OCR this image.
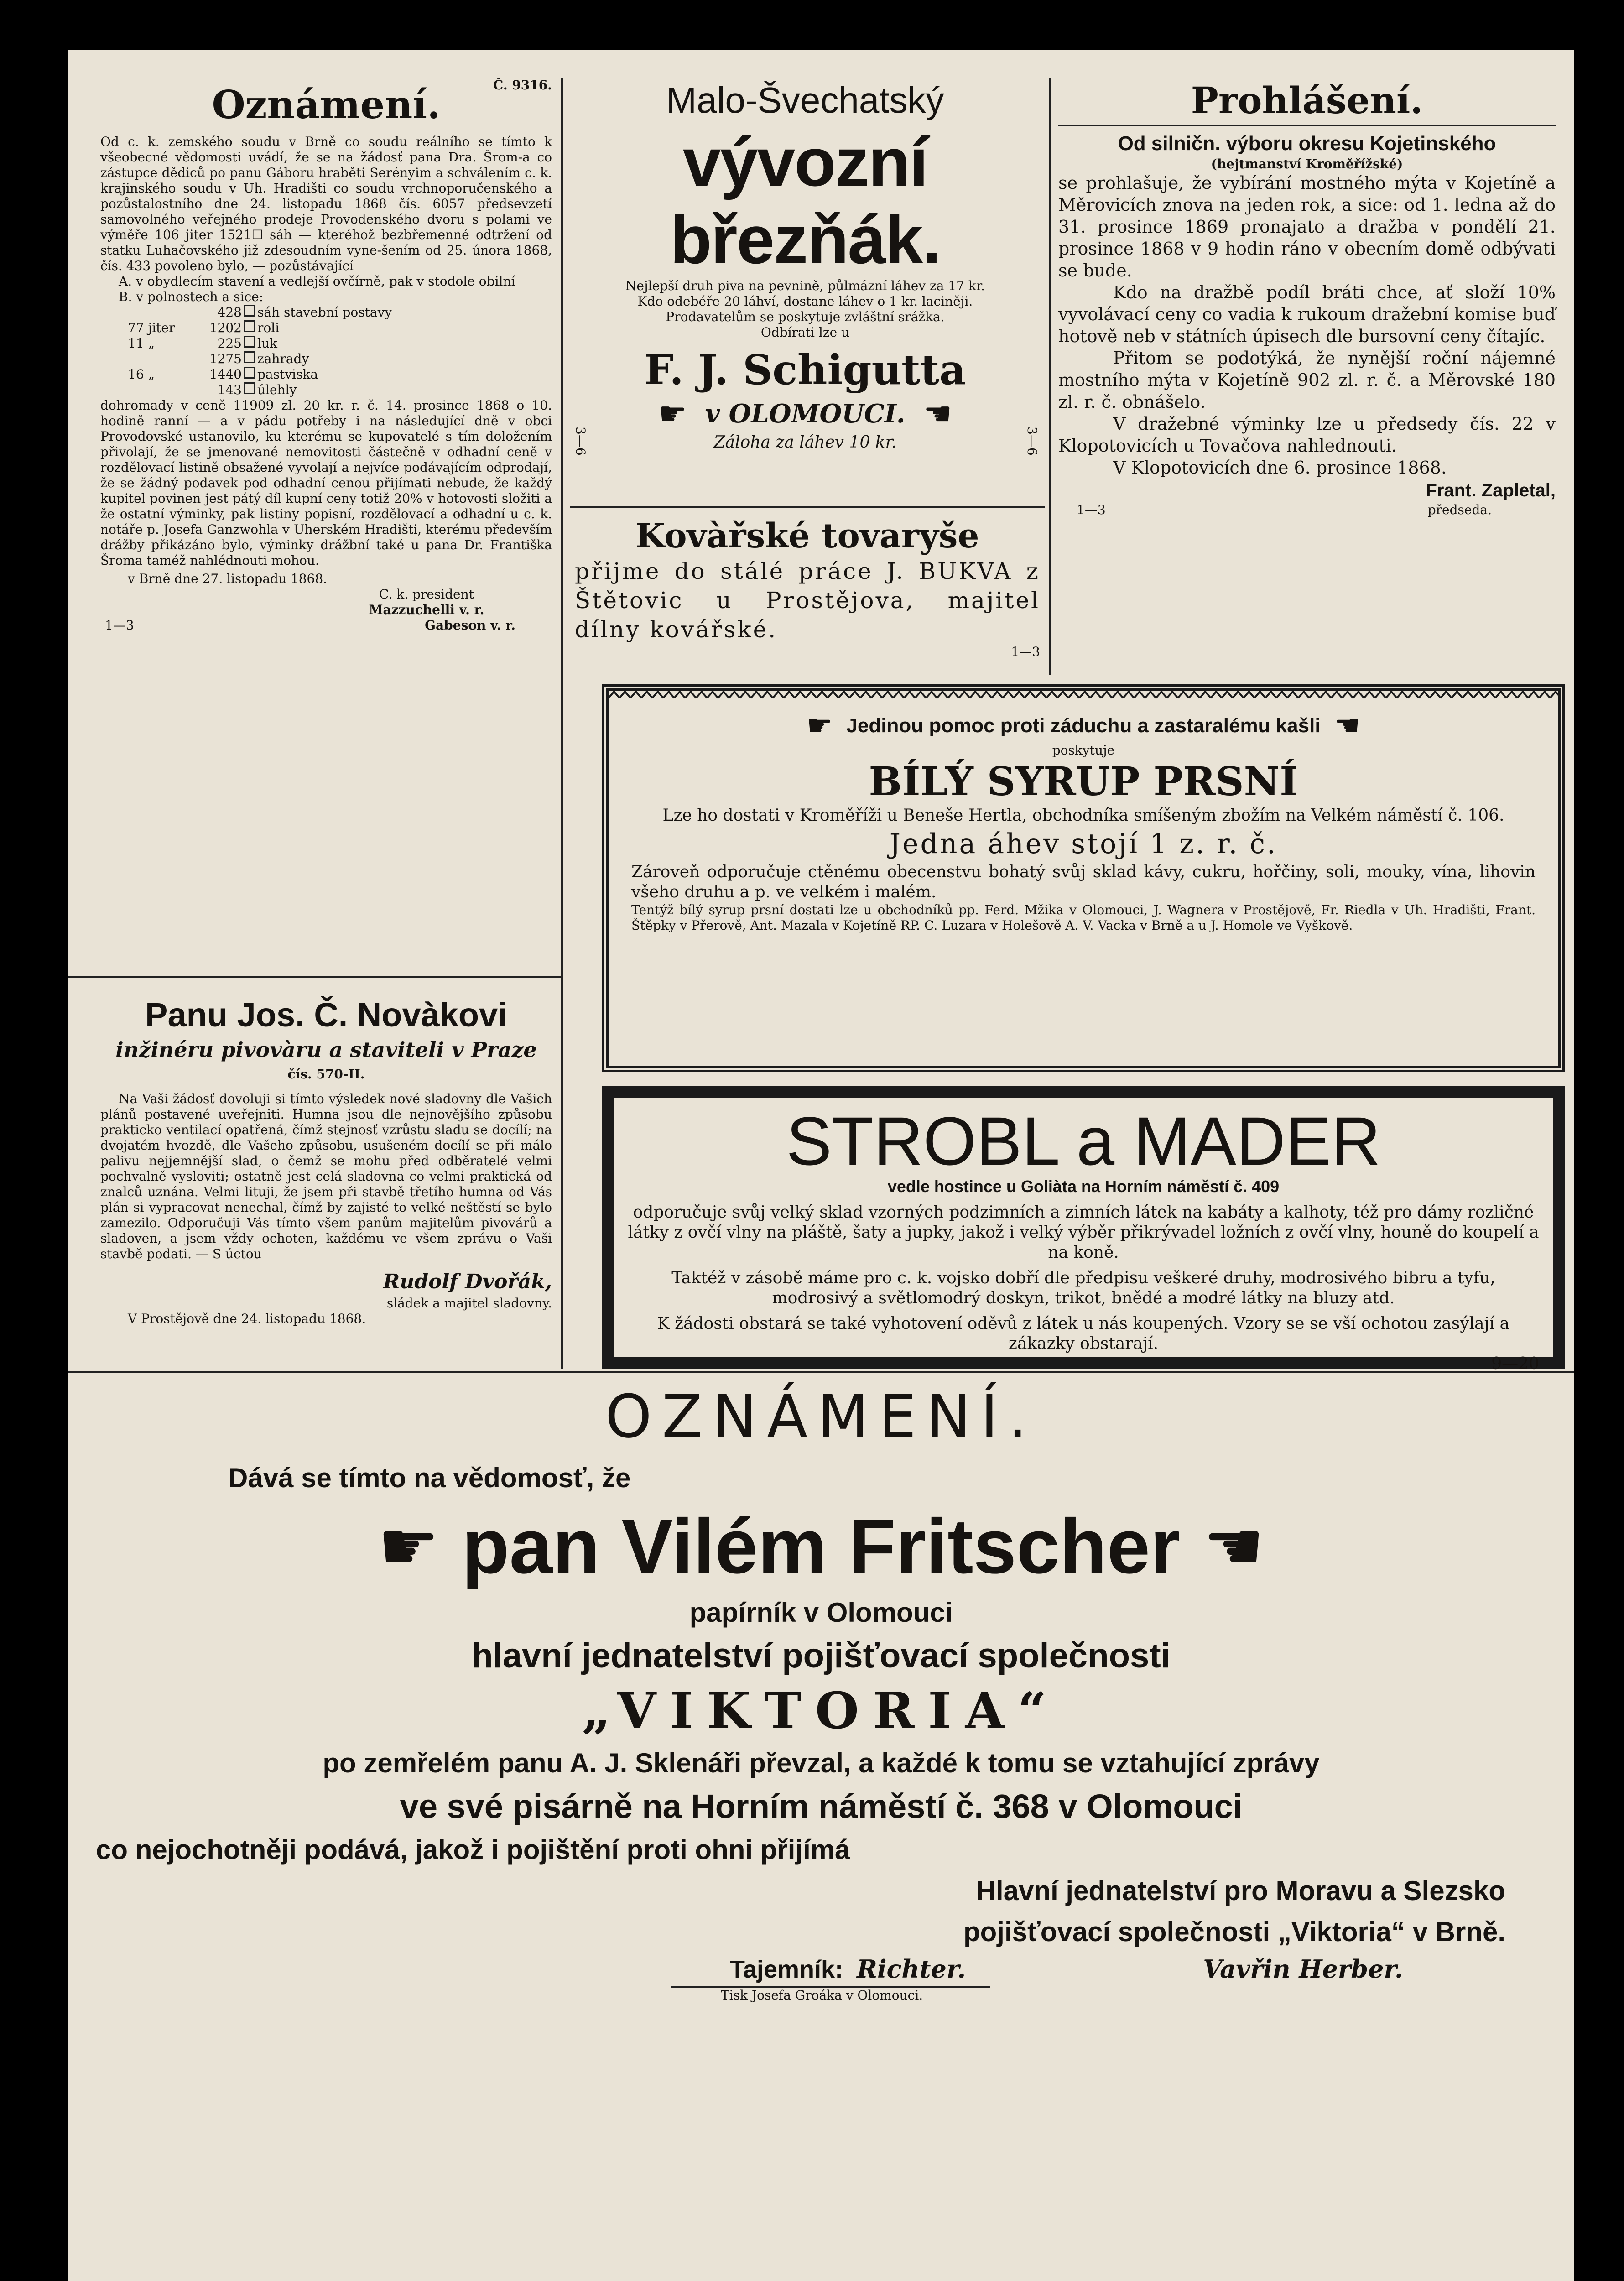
Č. 9316.
Oznámení.

Od c. k. zemského soudu v Brně co soudu reálního se tímto k všeobecné vědomosti uvádí, že se na žádosť pana Dra. Šrom-a co zástupce dědiců po panu Gáboru hraběti Serényim a schválením c. k. krajinského soudu v Uh. Hradišti co soudu vrchnoporučenského a pozůstalostního dne 24. listopadu 1868 čís. 6057 předsevzetí samovolného veřejného prodeje Provodenského dvoru s polami ve výměře 106 jiter 1521☐ sáh — kteréhož bezbřemenné odtržení od statku Luhačovského již zdesoudním vyne-šením od 25. února 1868, čís. 433 povoleno bylo, — pozůstávající

A. v obydlecím stavení a vedlejší ovčírně, pak v stodole obilní

B. v polnostech a sice:

428 sáh stavební postavy
77 jiter	1202 roli
11 „	225 luk
1275 zahrady
16 „	1440 pastviska
143 úlehly

dohromady v ceně 11909 zl. 20 kr. r. č. 14. prosince 1868 o 10. hodině ranní — a v pádu potřeby i na následující dně v obci Provodovské ustanovilo, ku kterému se kupovatelé s tím doložením přivolají, že se jmenované nemovitosti částečně v odhadní ceně v rozdělovací listině obsažené vyvolají a nejvíce podávajícím odprodají, že se žádný podavek pod odhadní cenou přijímati nebude, že každý kupitel povinen jest pátý díl kupní ceny totiž 20% v hotovosti složiti a že ostatní výminky, pak listiny popisní, rozdělovací a odhadní u c. k. notáře p. Josefa Ganzwohla v Uherském Hradišti, kterému především drážby přikázáno bylo, výminky drážbní také u pana Dr. Františka Šroma taméž nahlédnouti mohou.

v Brně dne 27. listopadu 1868.

C. k. president

Mazzuchelli v. r.

1—3	Gabeson v. r.
Panu Jos. Č. Novàkovi
inžinéru pivovàru a staviteli v Praze
čís. 570-II.

Na Vaši žádosť dovoluji si tímto výsledek nové sladovny dle Vašich plánů postavené uveřejniti. Humna jsou dle nejnovějšího způsobu prakticko ventilací opatřená, čímž stejnosť vzrůstu sladu se docílí; na dvojatém hvozdě, dle Vašeho způsobu, usušeném docílí se při málo palivu nejjemnější slad, o čemž se mohu před odběratelé velmi pochvalně vysloviti; ostatně jest celá sladovna co velmi praktická od znalců uznána. Velmi lituji, že jsem při stavbě třetího humna od Vás plán si vypracovat nenechal, čímž by zajisté to velké neštěstí se bylo zamezilo. Odporučuji Vás tímto všem panům majitelům pivovárů a sladoven, a jsem vždy ochoten, každému ve všem zprávu o Vaši stavbě podati. — S úctou

Rudolf Dvořák,

sládek a majitel sladovny.

V Prostějově dne 24. listopadu 1868.

Malo-Švechatský
vývozní březňák.

Nejlepší druh piva na pevnině, půlmázní láhev za 17 kr.

Kdo odebéře 20 láhví, dostane láhev o 1 kr. laciněji.

Prodavatelům se poskytuje zvláštní srážka.

Odbírati lze u

F. J. Schigutta
☛ v OLOMOUCI. ☚

Záloha za láhev 10 kr.

3—6	3—6
Kovàřské tovaryše

přijme do stálé práce J. BUKVA z Štětovic u Prostějova, majitel dílny kovářské.

1—3

Prohlášení.

Od silničn. výboru okresu Kojetinského

(hejtmanství Kroměřížské)

se prohlašuje, že vybírání mostného mýta v Kojetíně a Měrovicích znova na jeden rok, a sice: od 1. ledna až do 31. prosince 1869 pronajato a dražba v pondělí 21. prosince 1868 v 9 hodin ráno v obecním domě odbývati se bude.

Kdo na dražbě podíl bráti chce, ať složí 10% vyvolávací ceny co vadia k rukoum dražební komise buď hotově neb v státních úpisech dle bursovní ceny čítajíc.

Přitom se podotýká, že nynější roční nájemné mostního mýta v Kojetíně 902 zl. r. č. a Měrovské 180 zl. r. č. obnášelo.

V dražebné výminky lze u předsedy čís. 22 v Klopotovicích u Tovačova nahlednouti.

V Klopotovicích dne 6. prosince 1868.

Frant. Zapletal,

1—3	předseda.
☛ Jedinou pomoc proti záduchu a zastaralému kašli ☚

poskytuje

BÍLÝ SYRUP PRSNÍ

Lze ho dostati v Kroměříži u Beneše Hertla, obchodníka smíšeným zbožím na Velkém náměstí č. 106.

Jedna áhev stojí 1 z. r. č.

Zároveň odporučuje ctěnému obecenstvu bohatý svůj sklad kávy, cukru, hořčiny, soli, mouky, vína, lihovin všeho druhu a p. ve velkém i malém.

Tentýž bílý syrup prsní dostati lze u obchodníků pp. Ferd. Mžika v Olomouci, J. Wagnera v Prostějově, Fr. Riedla v Uh. Hradišti, Frant. Štěpky v Přerově, Ant. Mazala v Kojetíně RP. C. Luzara v Holešově A. V. Vacka v Brně a u J. Homole ve Vyškově.

STROBL a MADER

vedle hostince u Goliàta na Horním náměstí č. 409

odporučuje svůj velký sklad vzorných podzimních a zimních látek na kabáty a kalhoty, též pro dámy rozličné látky z ovčí vlny na pláště, šaty a jupky, jakož i velký výběr přikrývadel ložních z ovčí vlny, houně do koupelí a na koně.

Taktéž v zásobě máme pro c. k. vojsko dobří dle předpisu veškeré druhy, modrosivého bibru a tyfu, modrosivý a světlomodrý doskyn, trikot, bnědé a modré látky na bluzy atd.

K žádosti obstará se také vyhotovení oděvů z látek u nás koupených. Vzory se se vší ochotou zasýlají a zákazky obstarají.

9—20

OZNÁMENÍ.

Dává se tímto na vědomosť, že

☛ pan Vilém Fritscher ☚

papírník v Olomouci

hlavní jednatelství pojišťovací společnosti

„VIKTORIA“

po zemřelém panu A. J. Sklenáři převzal, a každé k tomu se vztahující zprávy

ve své pisárně na Horním náměstí č. 368 v Olomouci

co nejochotněji podává, jakož i pojištění proti ohni přijímá

Hlavní jednatelství pro Moravu a Slezsko

pojišťovací společnosti „Viktoria“ v Brně.

Tajemník: Richter.	Vavřin Herber.

Tisk Josefa Groáka v Olomouci.
